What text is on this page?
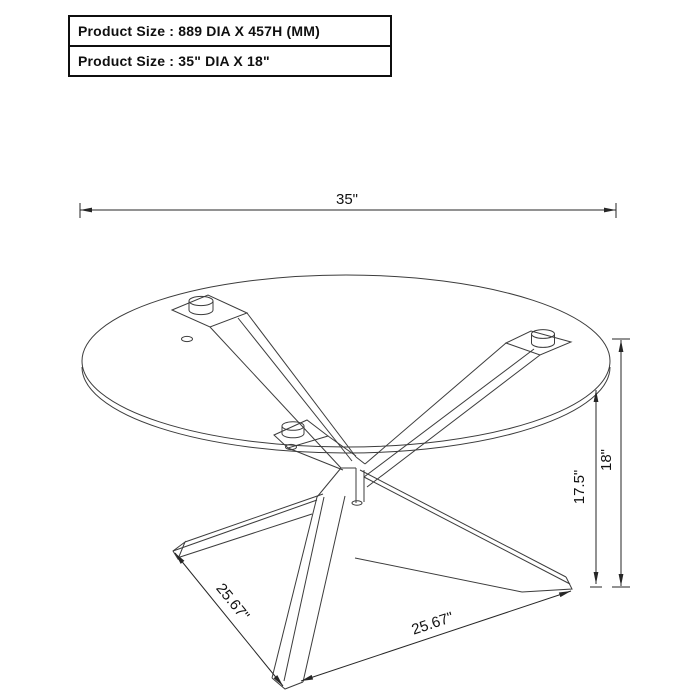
Product Size : 889 DIA X 457H (MM)
Product Size : 35" DIA X 18"
35"
17.5"
18"
25.67"	25.67"
